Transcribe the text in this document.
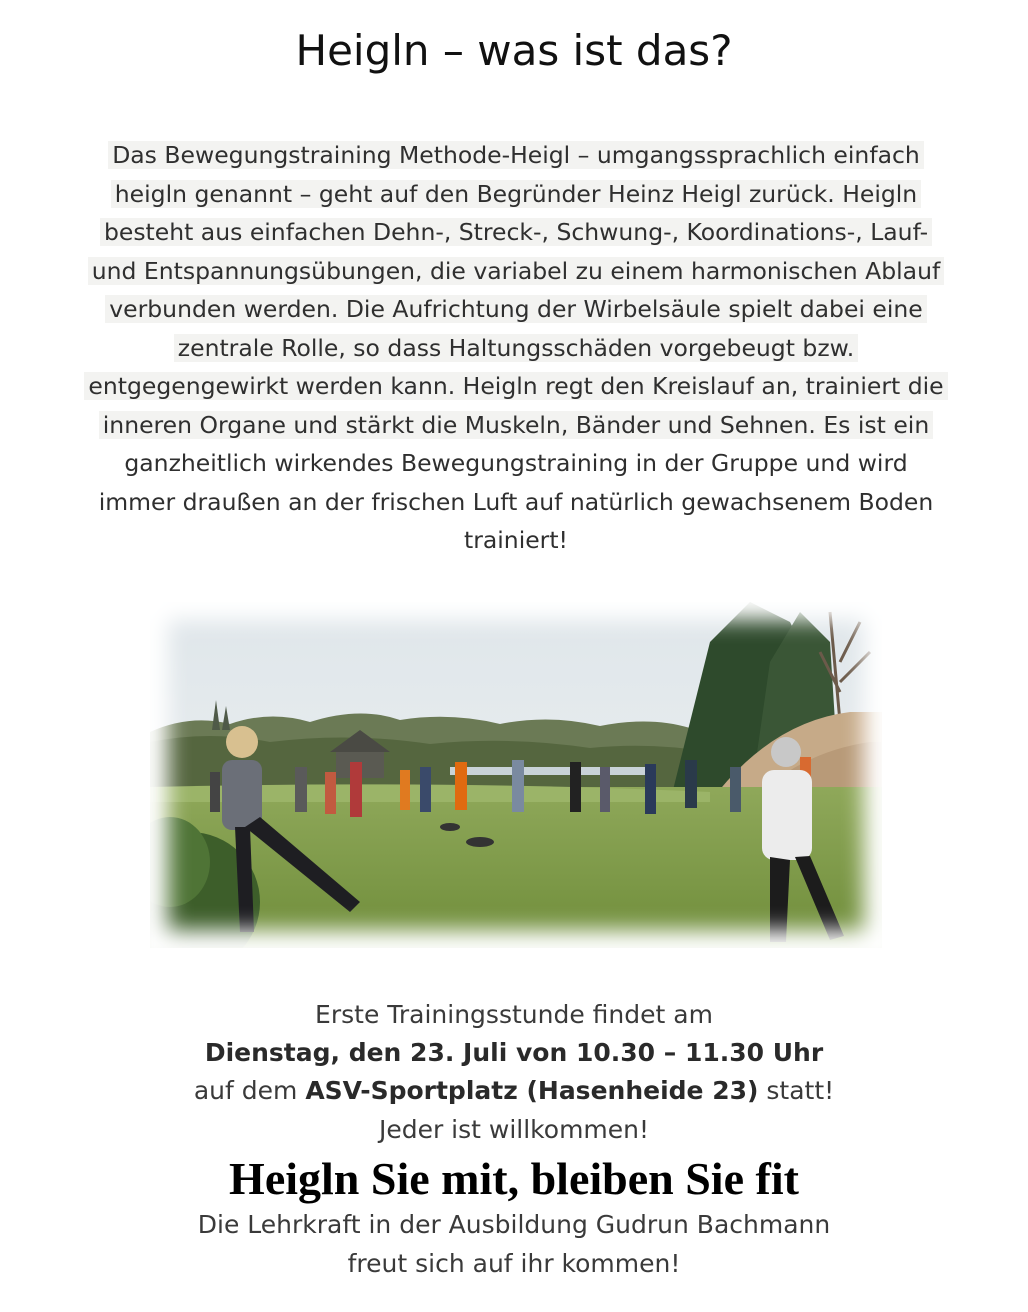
Heigln – was ist das?
Das Bewegungstraining Methode-Heigl – umgangssprachlich einfach
heigln genannt – geht auf den Begründer Heinz Heigl zurück. Heigln
besteht aus einfachen Dehn-, Streck-, Schwung-, Koordinations-, Lauf-
und Entspannungsübungen, die variabel zu einem harmonischen Ablauf
verbunden werden. Die Aufrichtung der Wirbelsäule spielt dabei eine
zentrale Rolle, so dass Haltungsschäden vorgebeugt bzw.
entgegengewirkt werden kann. Heigln regt den Kreislauf an, trainiert die
inneren Organe und stärkt die Muskeln, Bänder und Sehnen. Es ist ein
ganzheitlich wirkendes Bewegungstraining in der Gruppe und wird
immer draußen an der frischen Luft auf natürlich gewachsenem Boden
trainiert!
Erste Trainingsstunde findet am
Dienstag, den 23. Juli von 10.30 – 11.30 Uhr
auf dem ASV-Sportplatz (Hasenheide 23) statt!
Jeder ist willkommen!
Heigln Sie mit, bleiben Sie fit
Die Lehrkraft in der Ausbildung Gudrun Bachmann
freut sich auf ihr kommen!
